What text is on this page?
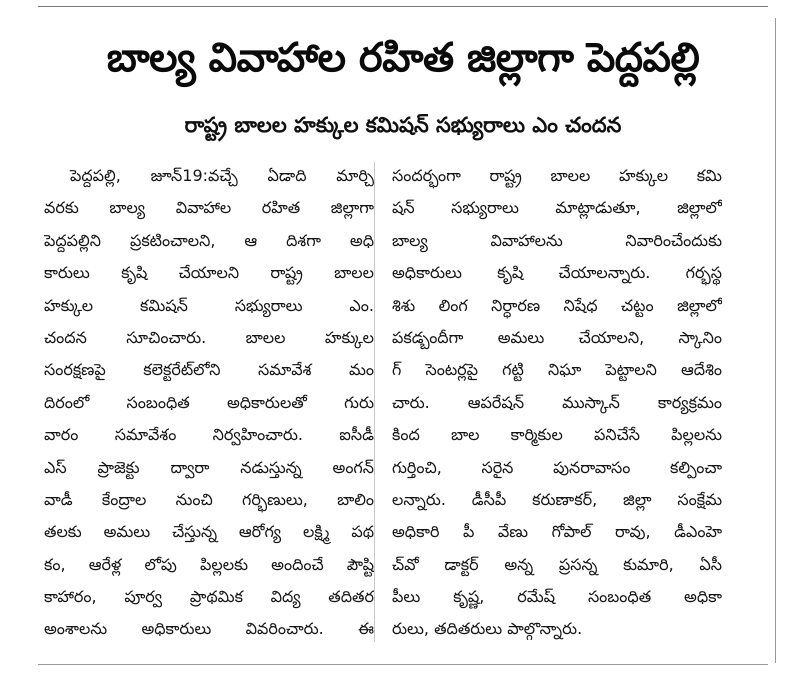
బాల్య వివాహాల రహిత జిల్లాగా పెద్దపల్లి
రాష్ట్ర బాలల హక్కుల కమిషన్ సభ్యురాలు ఎం చందన
పెద్దపల్లి, జూన్19:వచ్చే ఏడాది మార్చి
వరకు బాల్య వివాహాల రహిత జిల్లాగా
పెద్దపల్లిని ప్రకటించాలని, ఆ దిశగా అధి
కారులు కృషి చేయాలని రాష్ట్ర బాలల
హక్కుల కమిషన్ సభ్యురాలు ఎం.
చందన సూచించారు. బాలల హక్కుల
సంరక్షణపై కలెక్టరేట్‌లోని సమావేశ మం
దిరంలో సంబంధిత అధికారులతో గురు
వారం సమావేశం నిర్వహించారు. ఐసీడీ
ఎస్ ప్రాజెక్టు ద్వారా నడుస్తున్న అంగన్
వాడీ కేంద్రాల నుంచి గర్భిణులు, బాలిం
తలకు అమలు చేస్తున్న ఆరోగ్య లక్ష్మి పథ
కం, ఆరేళ్ల లోపు పిల్లలకు అందించే పౌష్టి
కాహారం, పూర్వ ప్రాథమిక విద్య తదితర
అంశాలను అధికారులు వివరించారు. ఈ
సందర్భంగా రాష్ట్ర బాలల హక్కుల కమి
షన్ సభ్యురాలు మాట్లాడుతూ, జిల్లాలో
బాల్య వివాహాలను నివారించేందుకు
అధికారులు కృషి చేయాలన్నారు. గర్భస్థ
శిశు లింగ నిర్ధారణ నిషేధ చట్టం జిల్లాలో
పకడ్బందీగా అమలు చేయాలని, స్కానిం
గ్ సెంటర్లపై గట్టి నిఘా పెట్టాలని ఆదేశిం
చారు. ఆపరేషన్ ముస్కాన్ కార్యక్రమం
కింద బాల కార్మికుల పనిచేసే పిల్లలను
గుర్తించి, సరైన పునరావాసం కల్పించా
లన్నారు. డీసీపీ కరుణాకర్, జిల్లా సంక్షేమ
అధికారి పీ వేణు గోపాల్ రావు, డీఎంహె
చ్‌వో డాక్టర్ అన్న ప్రసన్న కుమారి, ఏసీ
పీలు కృష్ణ, రమేష్ సంబంధిత అధికా
రులు, తదితరులు పాల్గొన్నారు.
